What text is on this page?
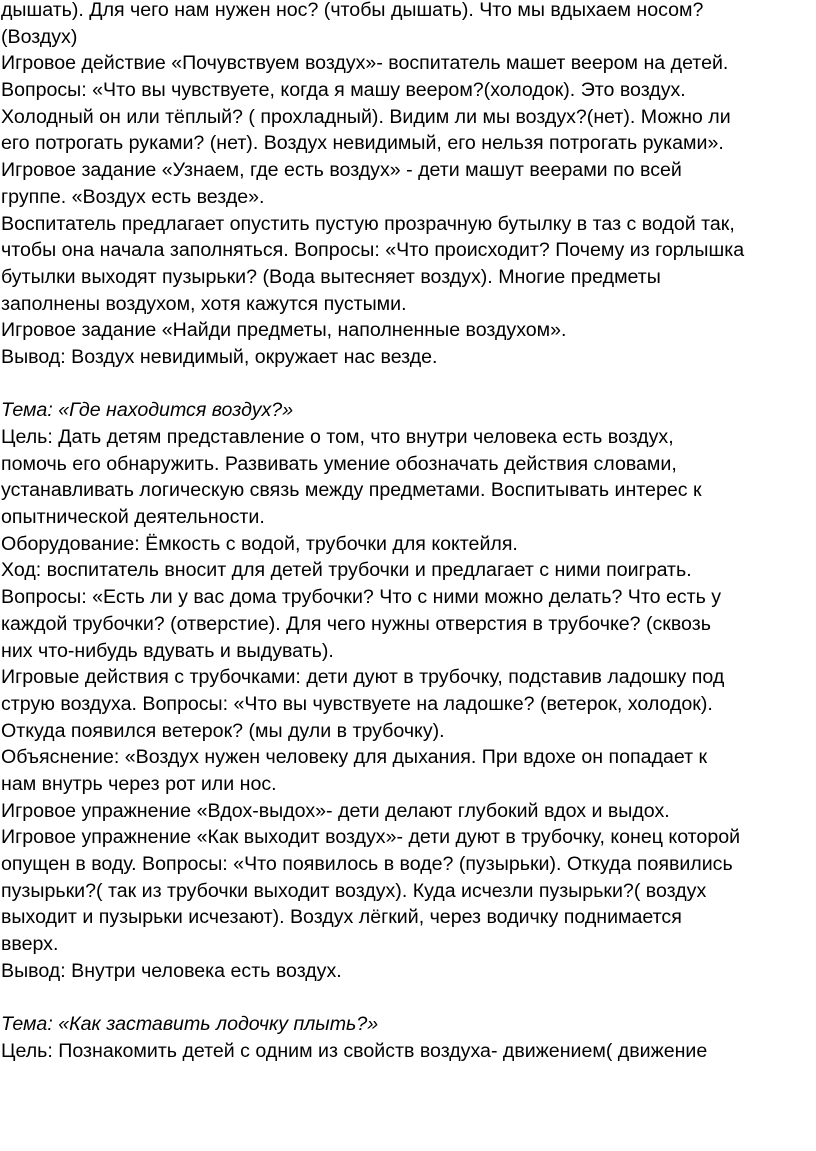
дышать). Для чего нам нужен нос? (чтобы дышать). Что мы вдыхаем носом?
(Воздух)
Игровое действие «Почувствуем воздух»- воспитатель машет веером на детей.
Вопросы: «Что вы чувствуете, когда я машу веером?(холодок). Это воздух.
Холодный он или тёплый? ( прохладный). Видим ли мы воздух?(нет). Можно ли
его потрогать руками? (нет). Воздух невидимый, его нельзя потрогать руками».
Игровое задание «Узнаем, где есть воздух» - дети машут веерами по всей
группе. «Воздух есть везде».
Воспитатель предлагает опустить пустую прозрачную бутылку в таз с водой так,
чтобы она начала заполняться. Вопросы: «Что происходит? Почему из горлышка
бутылки выходят пузырьки? (Вода вытесняет воздух). Многие предметы
заполнены воздухом, хотя кажутся пустыми.
Игровое задание «Найди предметы, наполненные воздухом».
Вывод: Воздух невидимый, окружает нас везде.
Тема: «Где находится воздух?»
Цель: Дать детям представление о том, что внутри человека есть воздух,
помочь его обнаружить. Развивать умение обозначать действия словами,
устанавливать логическую связь между предметами. Воспитывать интерес к
опытнической деятельности.
Оборудование: Ёмкость с водой, трубочки для коктейля.
Ход: воспитатель вносит для детей трубочки и предлагает с ними поиграть.
Вопросы: «Есть ли у вас дома трубочки? Что с ними можно делать? Что есть у
каждой трубочки? (отверстие). Для чего нужны отверстия в трубочке? (сквозь
них что-нибудь вдувать и выдувать).
Игровые действия с трубочками: дети дуют в трубочку, подставив ладошку под
струю воздуха. Вопросы: «Что вы чувствуете на ладошке? (ветерок, холодок).
Откуда появился ветерок? (мы дули в трубочку).
Объяснение: «Воздух нужен человеку для дыхания. При вдохе он попадает к
нам внутрь через рот или нос.
Игровое упражнение «Вдох-выдох»- дети делают глубокий вдох и выдох.
Игровое упражнение «Как выходит воздух»- дети дуют в трубочку, конец которой
опущен в воду. Вопросы: «Что появилось в воде? (пузырьки). Откуда появились
пузырьки?( так из трубочки выходит воздух). Куда исчезли пузырьки?( воздух
выходит и пузырьки исчезают). Воздух лёгкий, через водичку поднимается
вверх.
Вывод: Внутри человека есть воздух.
Тема: «Как заставить лодочку плыть?»
Цель: Познакомить детей с одним из свойств воздуха- движением( движение
